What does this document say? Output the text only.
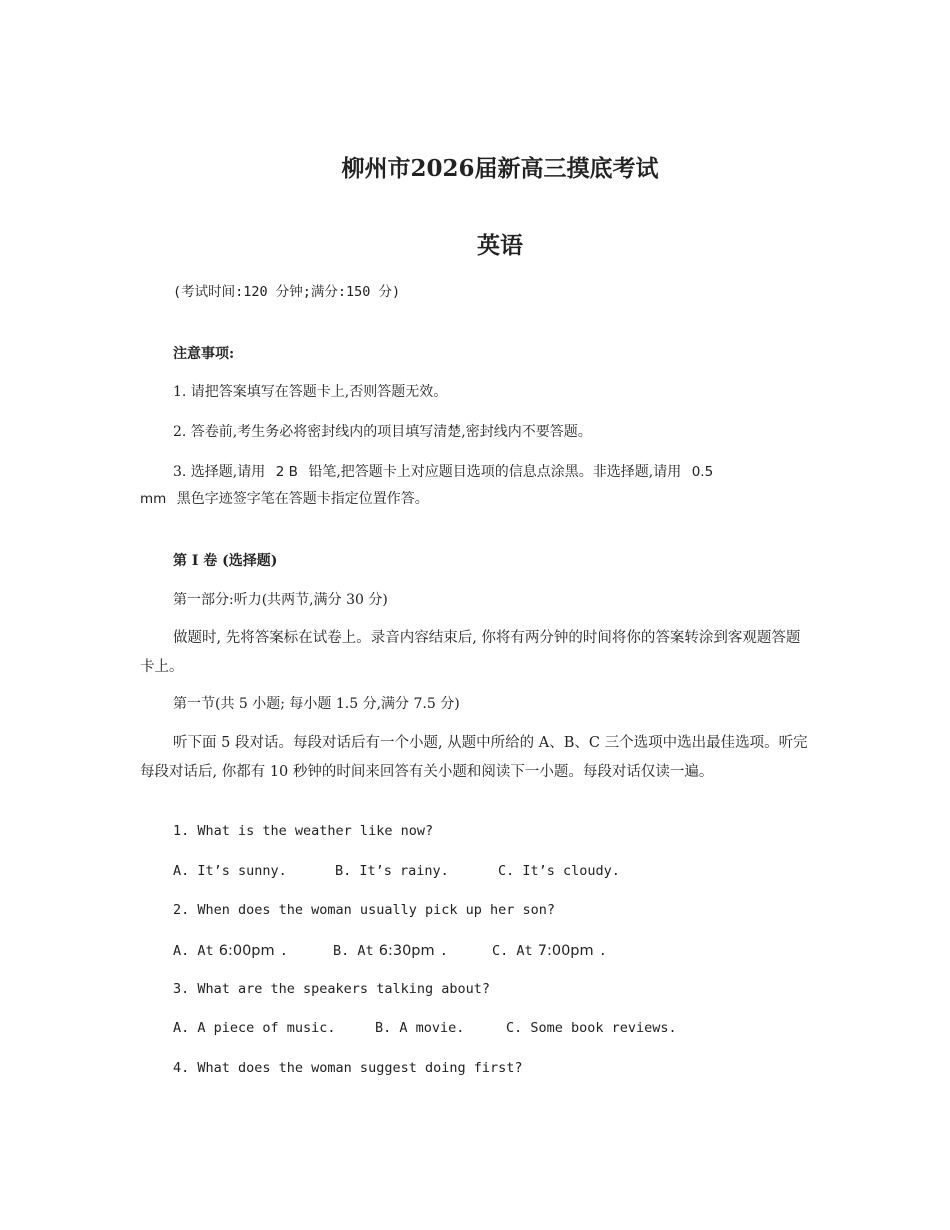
柳州市2026届新高三摸底考试
英语
(考试时间:120 分钟;满分:150 分)
注意事项:
1. 请把答案填写在答题卡上,否则答题无效。
2. 答卷前,考生务必将密封线内的项目填写清楚,密封线内不要答题。
3. 选择题,请用 2 B 铅笔,把答题卡上对应题目选项的信息点涂黑。非选择题,请用 0.5
mm 黑色字迹签字笔在答题卡指定位置作答。
第 I 卷 (选择题)
第一部分:听力(共两节,满分 30 分)
做题时, 先将答案标在试卷上。录音内容结束后, 你将有两分钟的时间将你的答案转涂到客观题答题卡上。
第一节(共 5 小题; 每小题 1.5 分,满分 7.5 分)
听下面 5 段对话。每段对话后有一个小题, 从题中所给的 A、B、C 三个选项中选出最佳选项。听完每段对话后, 你都有 10 秒钟的时间来回答有关小题和阅读下一小题。每段对话仅读一遍。
1. What is the weather like now?
A. It’s sunny.	B. It’s rainy.	C. It’s cloudy.
2. When does the woman usually pick up her son?
A. At 6:00pm .	B. At 6:30pm .	C. At 7:00pm .
3. What are the speakers talking about?
A. A piece of music.	B. A movie.	C. Some book reviews.
4. What does the woman suggest doing first?
